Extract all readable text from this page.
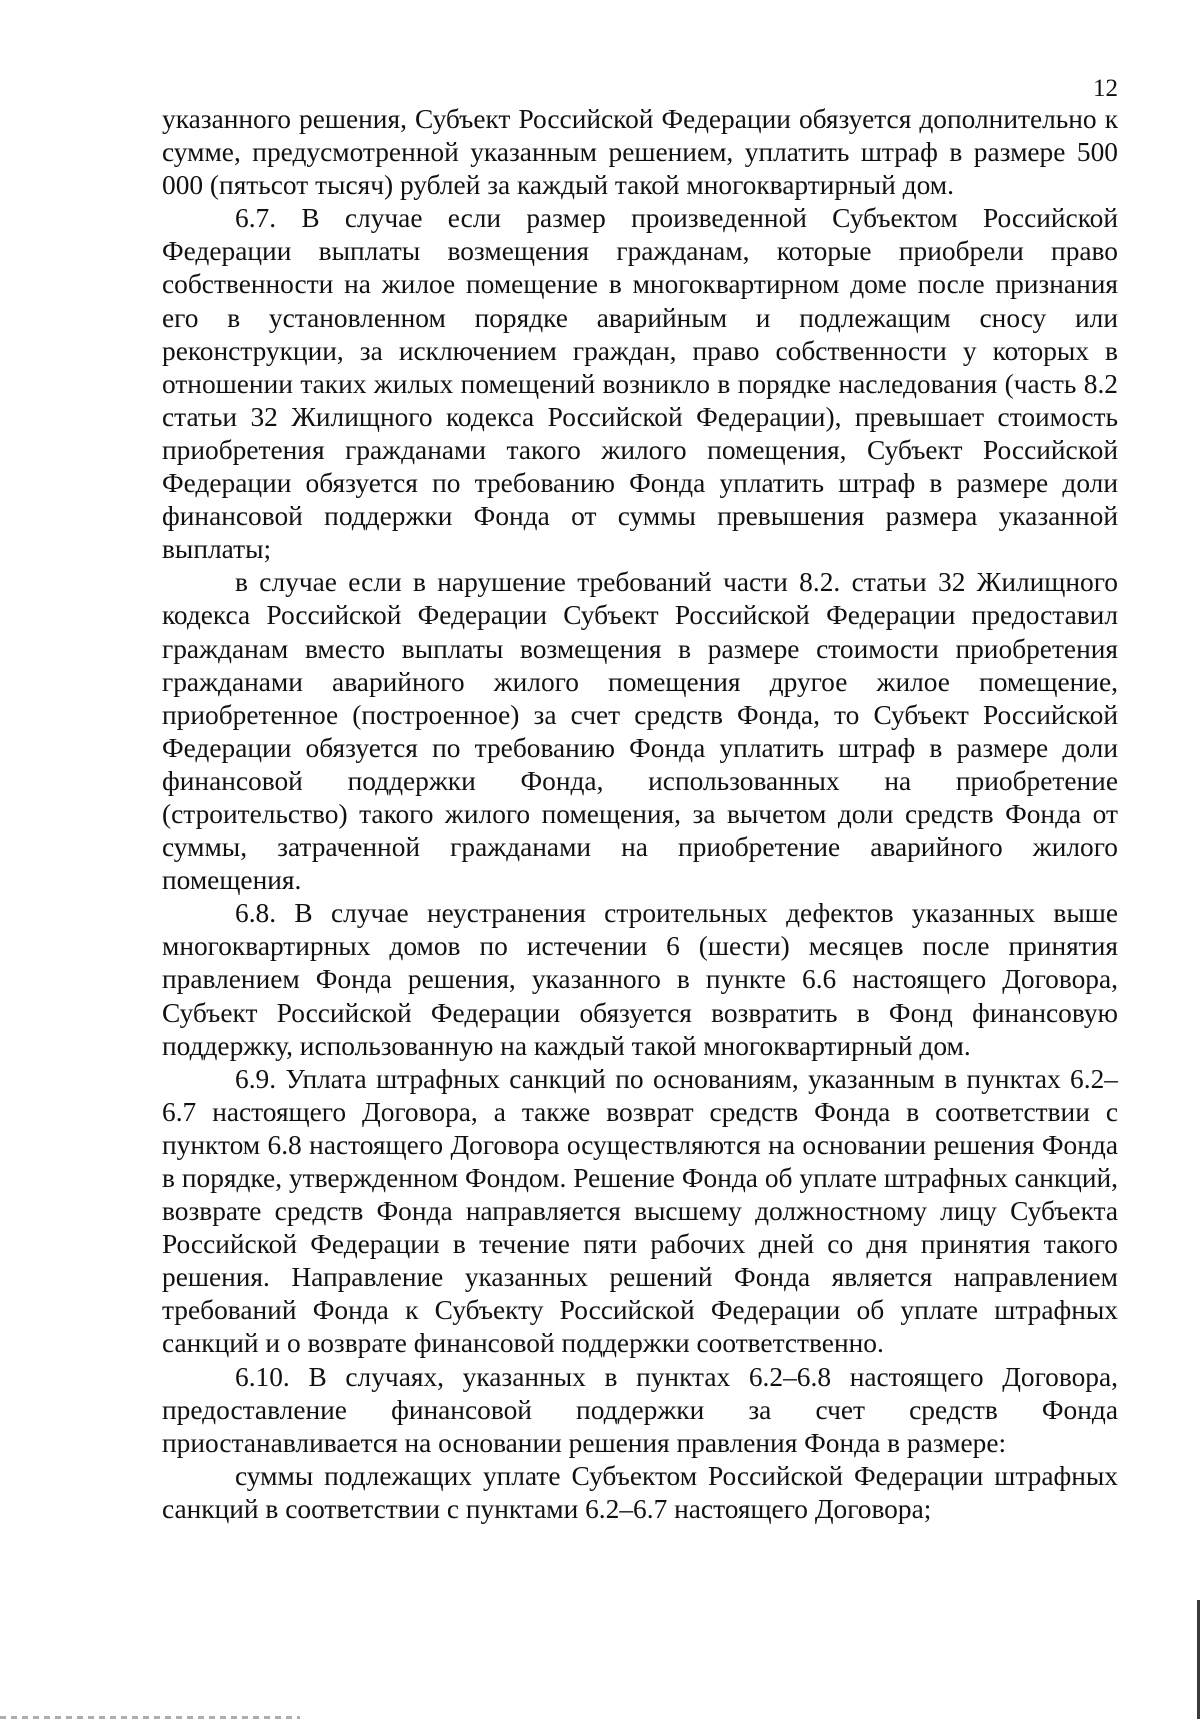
12

указанного решения, Субъект Российской Федерации обязуется дополнительно к сумме, предусмотренной указанным решением, уплатить штраф в размере 500 000 (пятьсот тысяч) рублей за каждый такой многоквартирный дом.

6.7. В случае если размер произведенной Субъектом Российской Федерации выплаты возмещения гражданам, которые приобрели право собственности на жилое помещение в многоквартирном доме после признания его в установленном порядке аварийным и подлежащим сносу или реконструкции, за исключением граждан, право собственности у которых в отношении таких жилых помещений возникло в порядке наследования (часть 8.2 статьи 32 Жилищного кодекса Российской Федерации), превышает стоимость приобретения гражданами такого жилого помещения, Субъект Российской Федерации обязуется по требованию Фонда уплатить штраф в размере доли финансовой поддержки Фонда от суммы превышения размера указанной выплаты;

в случае если в нарушение требований части 8.2. статьи 32 Жилищного кодекса Российской Федерации Субъект Российской Федерации предоставил гражданам вместо выплаты возмещения в размере стоимости приобретения гражданами аварийного жилого помещения другое жилое помещение, приобретенное (построенное) за счет средств Фонда, то Субъект Российской Федерации обязуется по требованию Фонда уплатить штраф в размере доли финансовой поддержки Фонда, использованных на приобретение (строительство) такого жилого помещения, за вычетом доли средств Фонда от суммы, затраченной гражданами на приобретение аварийного жилого помещения.

6.8. В случае неустранения строительных дефектов указанных выше многоквартирных домов по истечении 6 (шести) месяцев после принятия правлением Фонда решения, указанного в пункте 6.6 настоящего Договора, Субъект Российской Федерации обязуется возвратить в Фонд финансовую поддержку, использованную на каждый такой многоквартирный дом.

6.9. Уплата штрафных санкций по основаниям, указанным в пунктах 6.2–6.7 настоящего Договора, а также возврат средств Фонда в соответствии с пунктом 6.8 настоящего Договора осуществляются на основании решения Фонда в порядке, утвержденном Фондом. Решение Фонда об уплате штрафных санкций, возврате средств Фонда направляется высшему должностному лицу Субъекта Российской Федерации в течение пяти рабочих дней со дня принятия такого решения. Направление указанных решений Фонда является направлением требований Фонда к Субъекту Российской Федерации об уплате штрафных санкций и о возврате финансовой поддержки соответственно.

6.10. В случаях, указанных в пунктах 6.2–6.8 настоящего Договора, предоставление финансовой поддержки за счет средств Фонда приостанавливается на основании решения правления Фонда в размере:

суммы подлежащих уплате Субъектом Российской Федерации штрафных санкций в соответствии с пунктами 6.2–6.7 настоящего Договора;
